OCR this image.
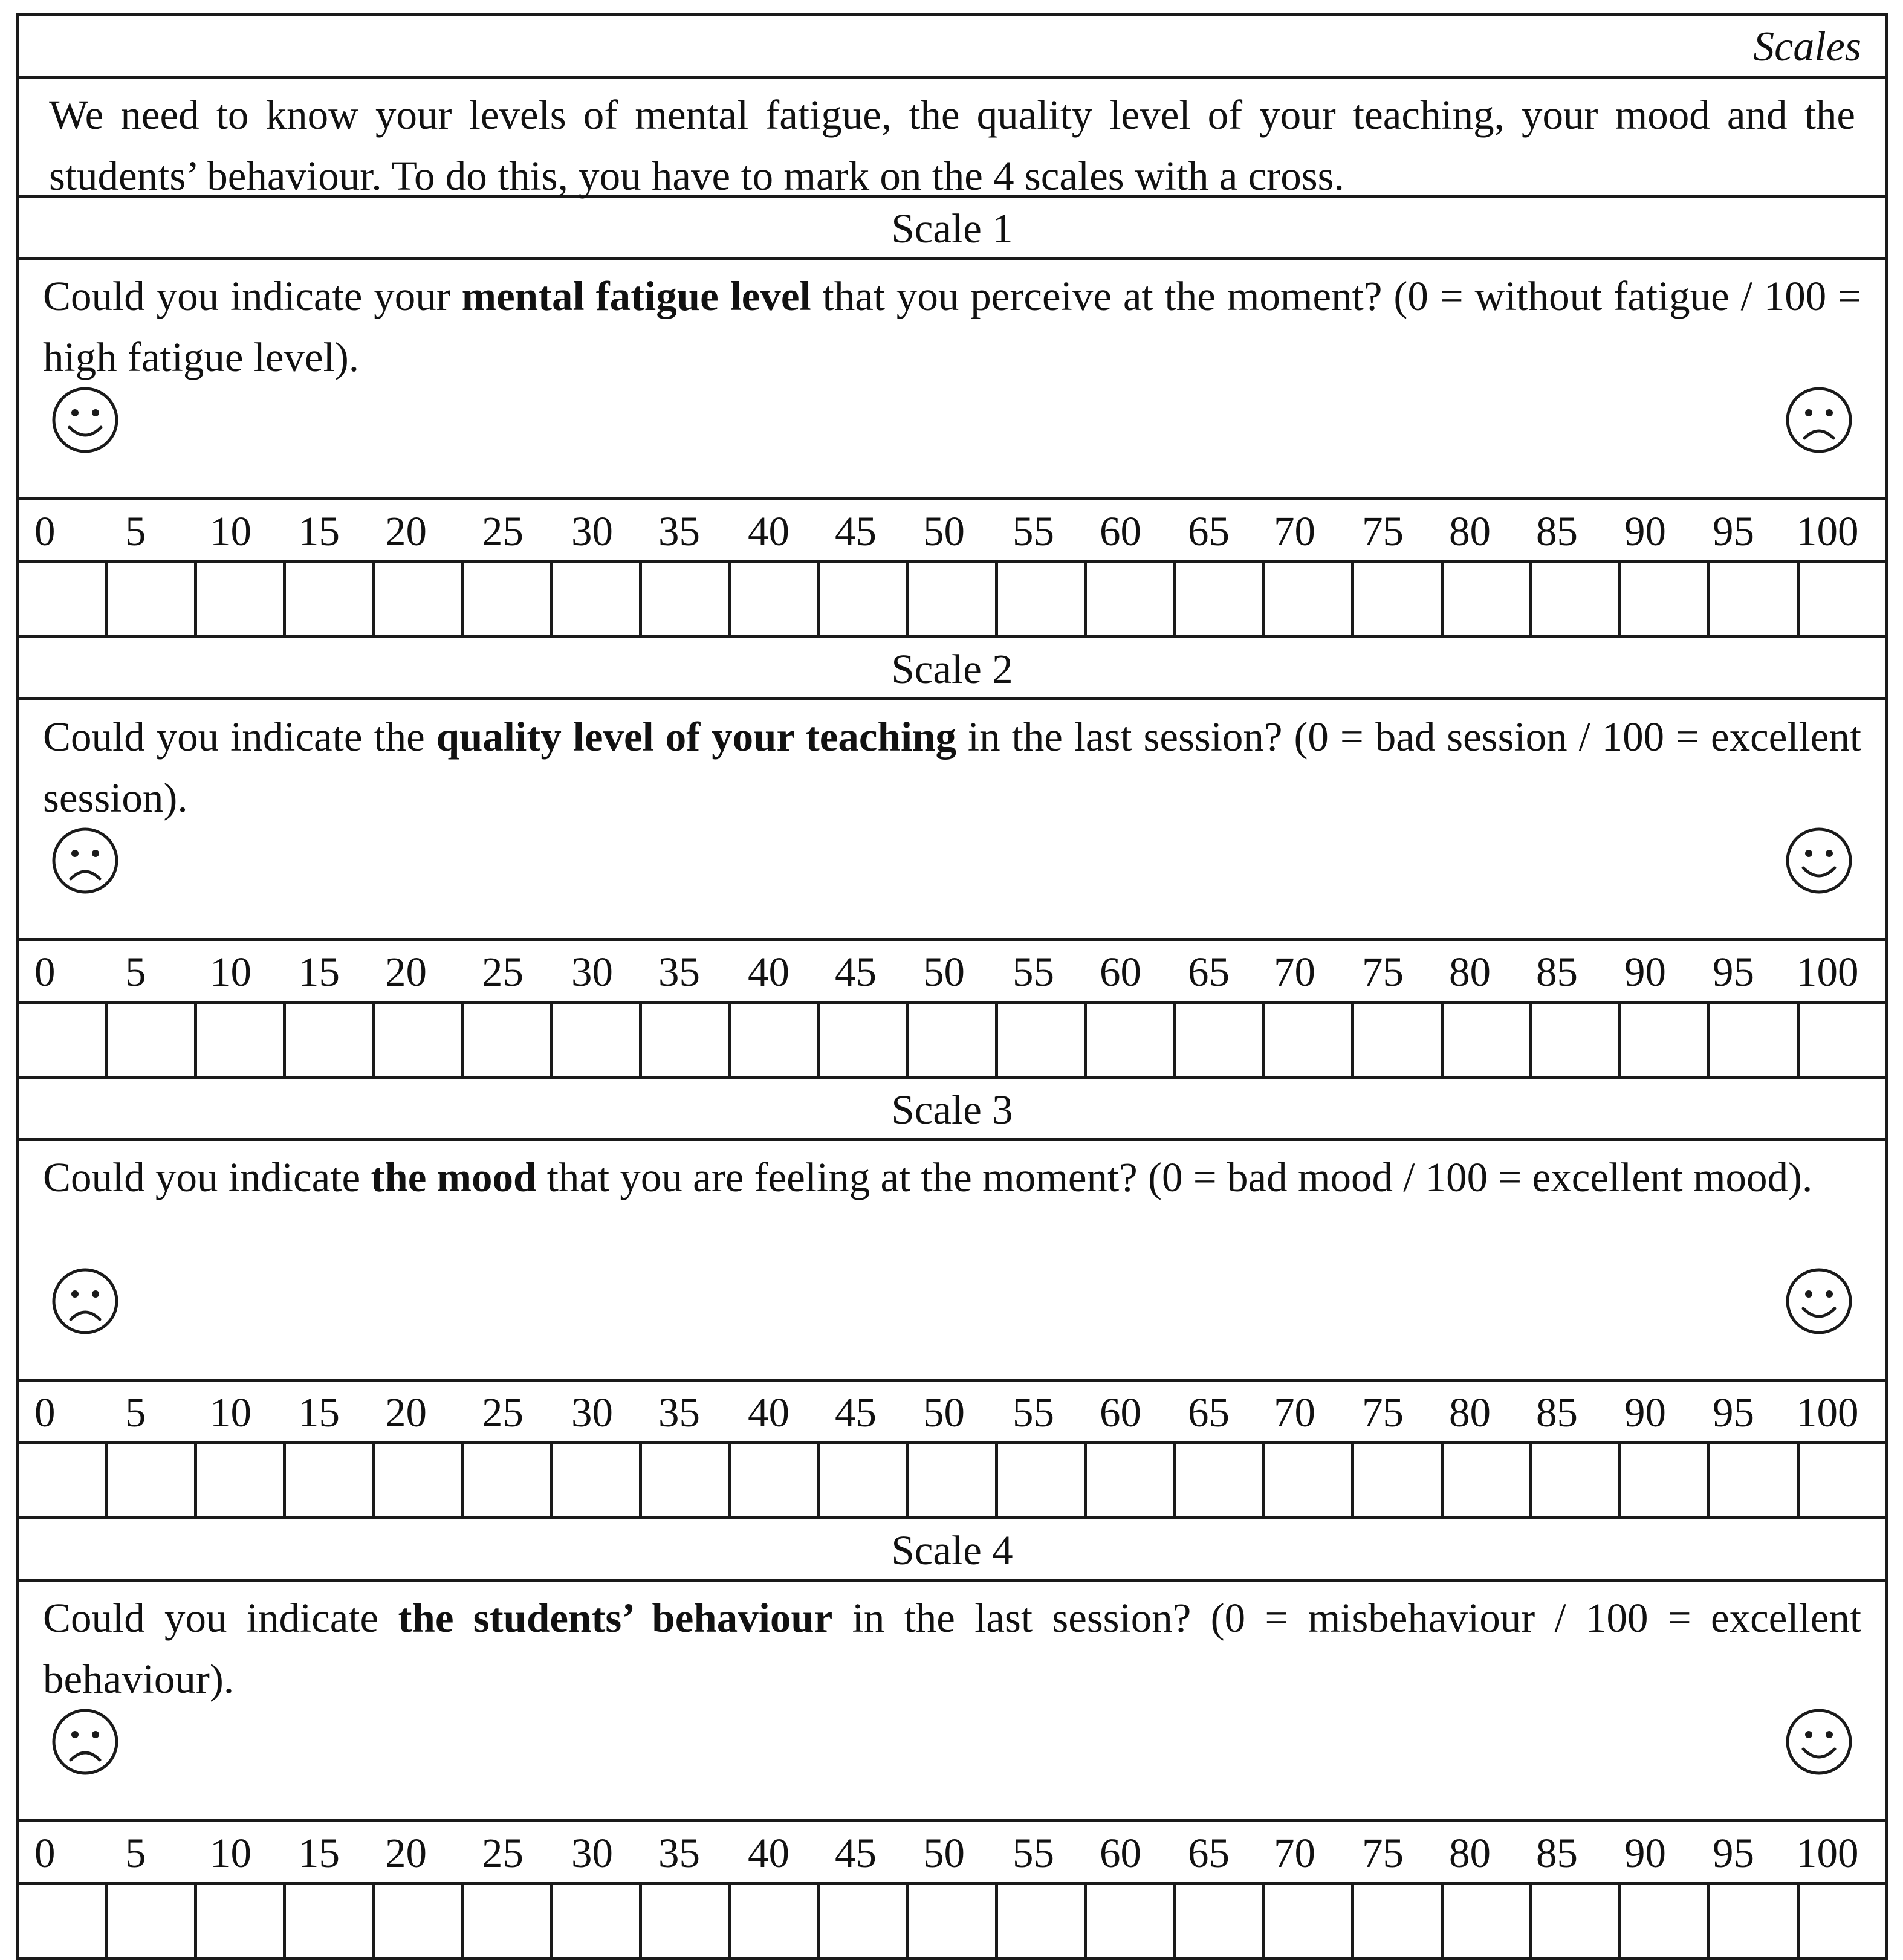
Scales
We need to know your levels of mental fatigue, the quality level of your teaching, your mood and the students’ behaviour. To do this, you have to mark on the 4 scales with a cross.
Scale 1
Could you indicate your mental fatigue level that you perceive at the moment? (0 = without fatigue / 100 = high fatigue level).
0 5 10 15 20 25 30 35 40 45 50 55 60 65 70 75 80 85 90 95 100
Scale 2
Could you indicate the quality level of your teaching in the last session? (0 = bad session / 100 = excellent session).
0 5 10 15 20 25 30 35 40 45 50 55 60 65 70 75 80 85 90 95 100
Scale 3
Could you indicate the mood that you are feeling at the moment? (0 = bad mood / 100 = excellent mood).
0 5 10 15 20 25 30 35 40 45 50 55 60 65 70 75 80 85 90 95 100
Scale 4
Could you indicate the students’ behaviour in the last session? (0 = misbehaviour / 100 = excellent behaviour).
0 5 10 15 20 25 30 35 40 45 50 55 60 65 70 75 80 85 90 95 100
